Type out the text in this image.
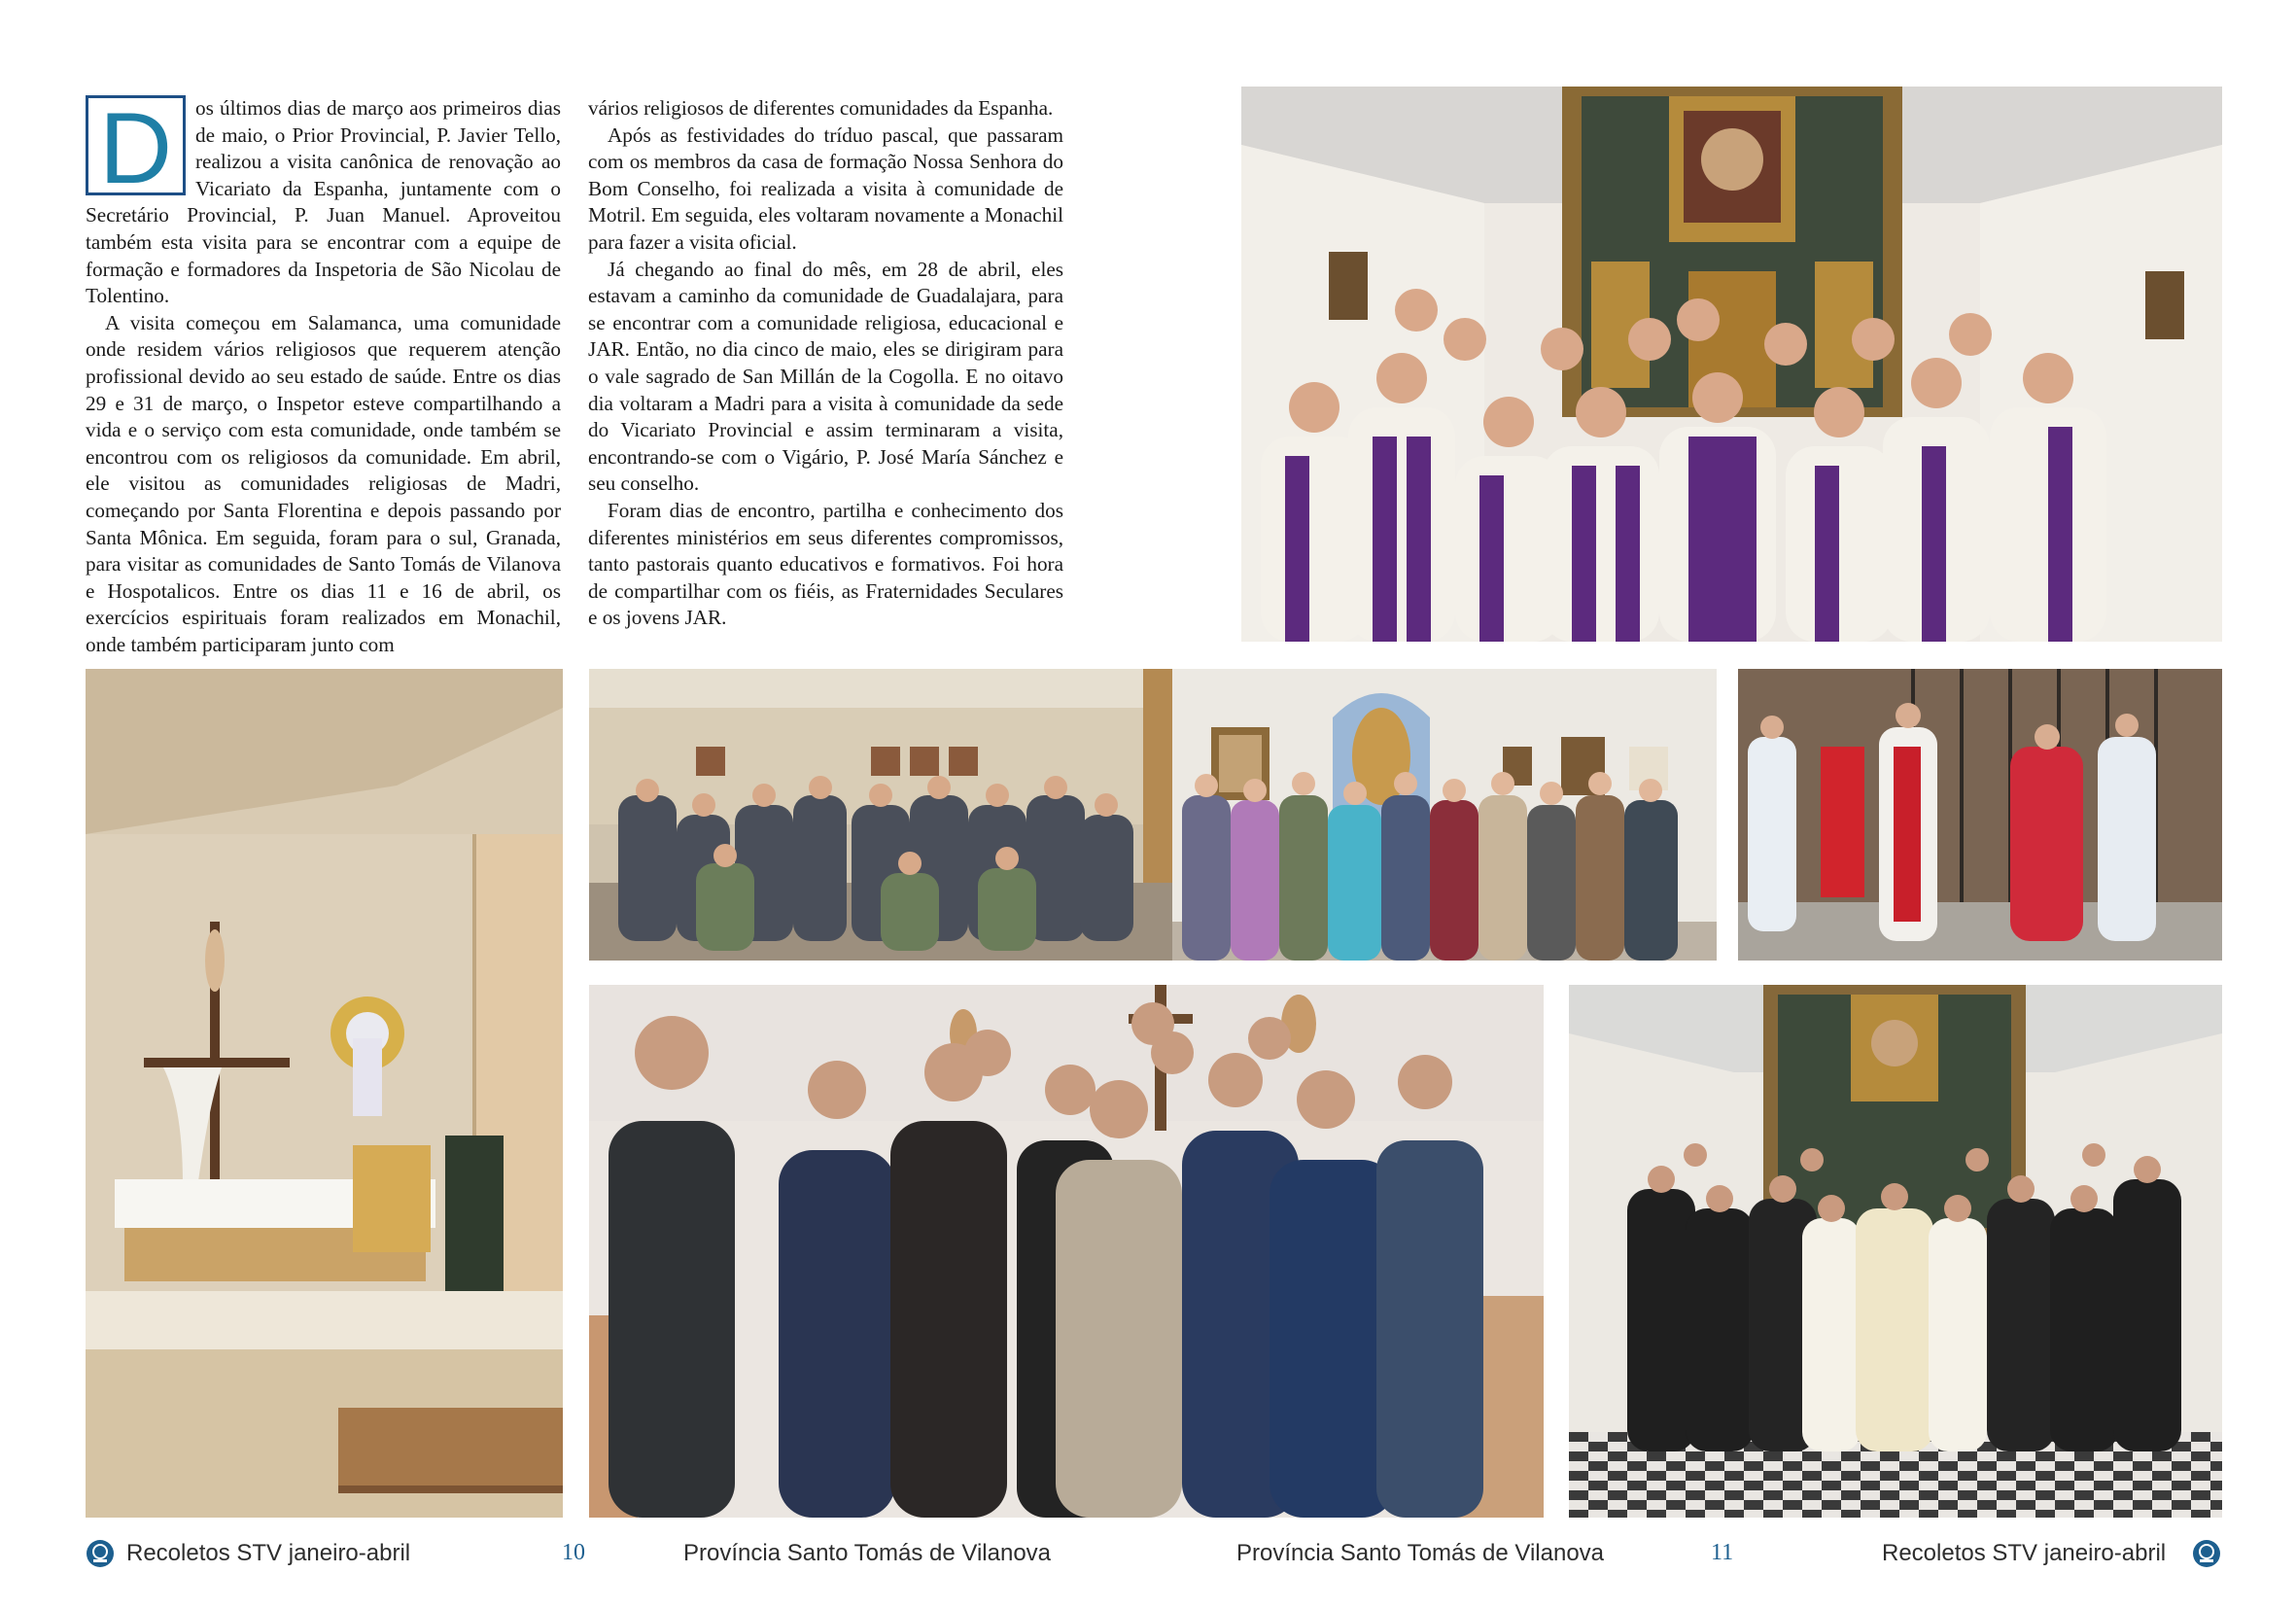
D	os últimos dias de março aos primeiros dias de maio, o Prior Provincial, P. Javier Tello, realizou a visita canônica de renovação ao Vicariato da Espanha, juntamente com o Secretário Provincial, P. Juan Manuel. Aproveitou também esta visita para se encontrar com a equipe de formação e formadores da Inspetoria de São Nicolau de Tolentino.

A visita começou em Salamanca, uma comunidade onde residem vários religiosos que requerem atenção profissional devido ao seu estado de saúde. Entre os dias 29 e 31 de março, o Inspetor esteve compartilhando a vida e o serviço com esta comunidade, onde também se encontrou com os religiosos da comunidade. Em abril, ele visitou as comunidades religiosas de Madri, começando por Santa Florentina e depois passando por Santa Mônica. Em seguida, foram para o sul, Granada, para visitar as comunidades de Santo Tomás de Vilanova e Hospotalicos. Entre os dias 11 e 16 de abril, os exercícios espirituais foram realizados em Monachil, onde também participaram junto com

vários religiosos de diferentes comunidades da Espanha.

Após as festividades do tríduo pascal, que passaram com os membros da casa de formação Nossa Senhora do Bom Conselho, foi realizada a visita à comunidade de Motril. Em seguida, eles voltaram novamente a Monachil para fazer a visita oficial.

Já chegando ao final do mês, em 28 de abril, eles estavam a caminho da comunidade de Guadalajara, para se encontrar com a comunidade religiosa, educacional e JAR. Então, no dia cinco de maio, eles se dirigiram para o vale sagrado de San Millán de la Cogolla. E no oitavo dia voltaram a Madri para a visita à comunidade da sede do Vicariato Provincial e assim terminaram a visita, encontrando-se com o Vigário, P. José María Sánchez e seu conselho.

Foram dias de encontro, partilha e conhecimento dos diferentes ministérios em seus diferentes compromissos, tanto pastorais quanto educativos e formativos. Foi hora de compartilhar com os fiéis, as Fraternidades Seculares e os jovens JAR.

Recoletos STV janeiro-abril	10	Província Santo Tomás de Vilanova	Província Santo Tomás de Vilanova	11	Recoletos STV janeiro-abril
